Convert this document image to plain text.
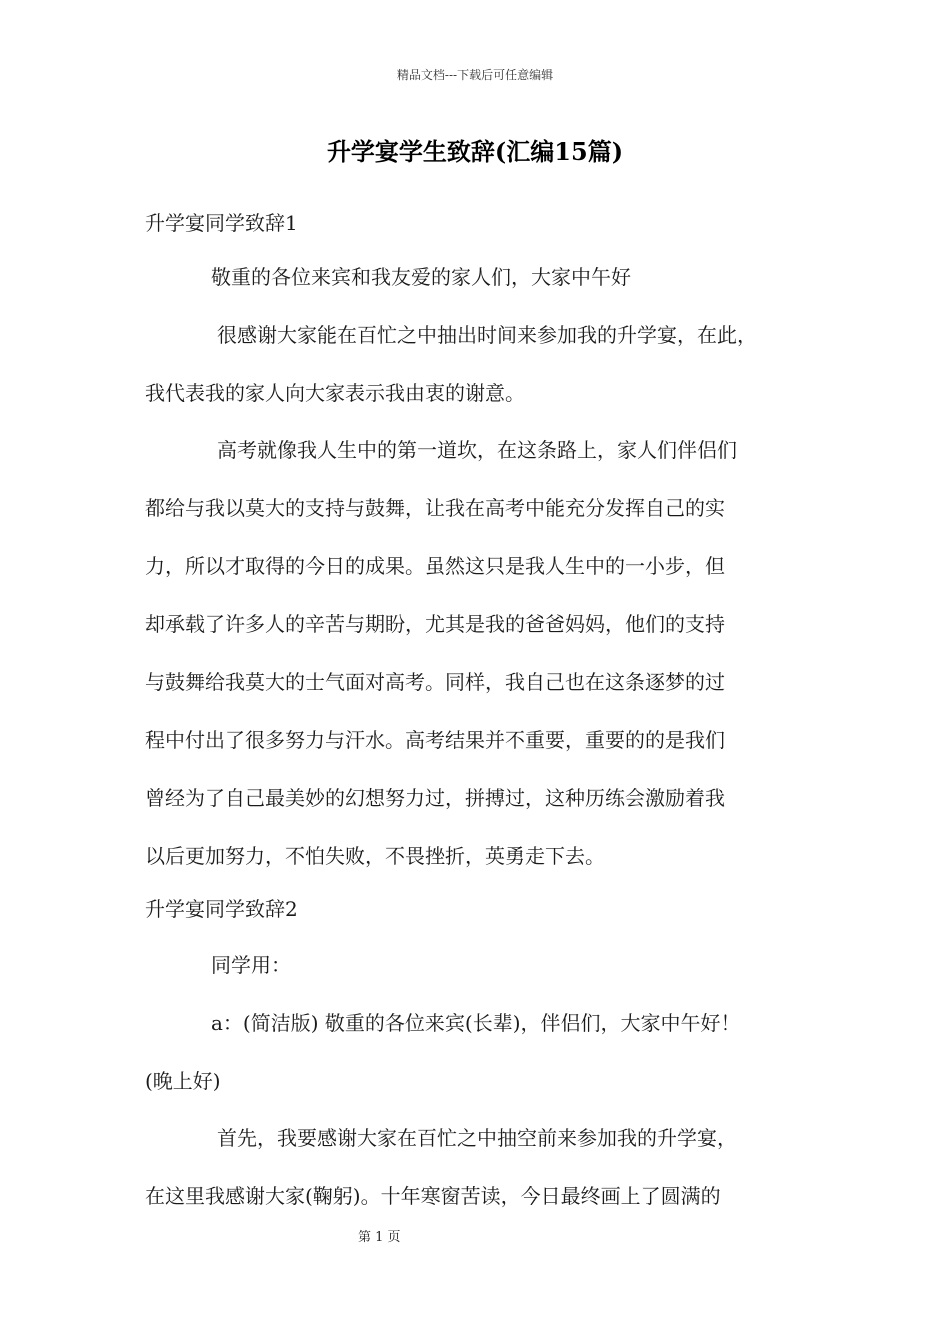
精品文档---下载后可任意编辑
升学宴学生致辞(汇编15篇)
升学宴同学致辞1
敬重的各位来宾和我友爱的家人们，大家中午好
很感谢大家能在百忙之中抽出时间来参加我的升学宴，在此，
我代表我的家人向大家表示我由衷的谢意。
高考就像我人生中的第一道坎，在这条路上，家人们伴侣们
都给与我以莫大的支持与鼓舞，让我在高考中能充分发挥自己的实
力，所以才取得的今日的成果。虽然这只是我人生中的一小步，但
却承载了许多人的辛苦与期盼，尤其是我的爸爸妈妈，他们的支持
与鼓舞给我莫大的士气面对高考。同样，我自己也在这条逐梦的过
程中付出了很多努力与汗水。高考结果并不重要，重要的的是我们
曾经为了自己最美妙的幻想努力过，拼搏过，这种历练会激励着我
以后更加努力，不怕失败，不畏挫折，英勇走下去。
升学宴同学致辞2
同学用：
a：(简洁版) 敬重的各位来宾(长辈)，伴侣们，大家中午好！
(晚上好)
首先，我要感谢大家在百忙之中抽空前来参加我的升学宴，
在这里我感谢大家(鞠躬)。十年寒窗苦读，今日最终画上了圆满的
第 1 页
